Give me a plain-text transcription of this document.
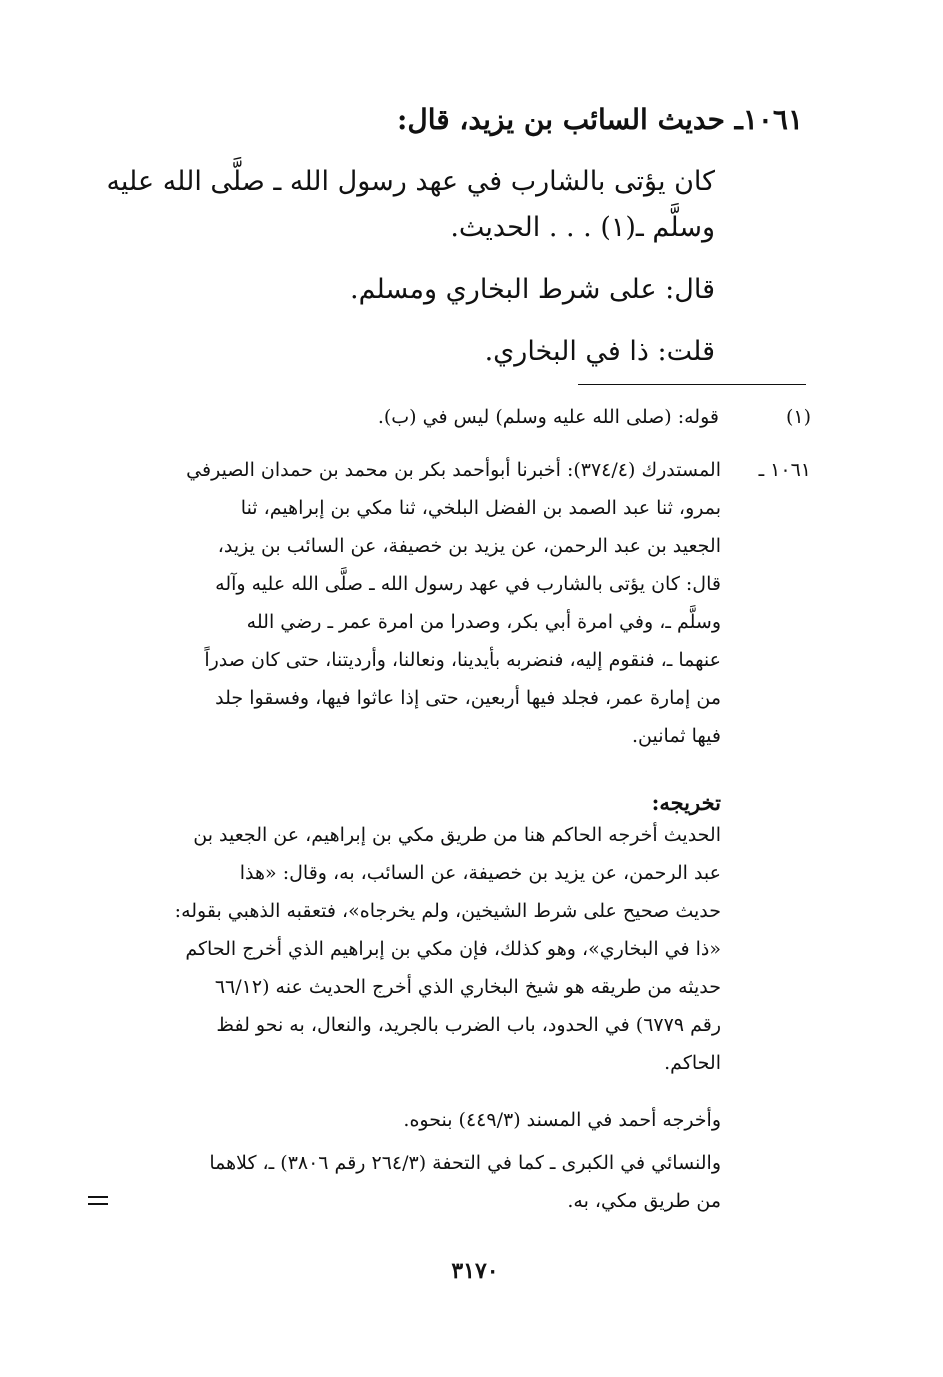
١٠٦١ـ حديث السائب بن يزيد، قال:
كان يؤتى بالشارب في عهد رسول الله ـ صلَّى الله عليه
وسلَّم ـ(١) . . . الحديث.
قال: على شرط البخاري ومسلم.
قلت: ذا في البخاري.
(١)
قوله: (صلى الله عليه وسلم) ليس في (ب).
١٠٦١ ـ
المستدرك (٣٧٤/٤): أخبرنا أبوأحمد بكر بن محمد بن حمدان الصيرفي
بمرو، ثنا عبد الصمد بن الفضل البلخي، ثنا مكي بن إبراهيم، ثنا
الجعيد بن عبد الرحمن، عن يزيد بن خصيفة، عن السائب بن يزيد،
قال: كان يؤتى بالشارب في عهد رسول الله ـ صلَّى الله عليه وآله
وسلَّم ـ، وفي امرة أبي بكر، وصدرا من امرة عمر ـ رضي الله
عنهما ـ، فنقوم إليه، فنضربه بأيدينا، ونعالنا، وأرديتنا، حتى كان صدراً
من إمارة عمر، فجلد فيها أربعين، حتى إذا عاثوا فيها، وفسقوا جلد
فيها ثمانين.
تخريجه:
الحديث أخرجه الحاكم هنا من طريق مكي بن إبراهيم، عن الجعيد بن
عبد الرحمن، عن يزيد بن خصيفة، عن السائب، به، وقال: «هذا
حديث صحيح على شرط الشيخين، ولم يخرجاه»، فتعقبه الذهبي بقوله:
«ذا في البخاري»، وهو كذلك، فإن مكي بن إبراهيم الذي أخرج الحاكم
حديثه من طريقه هو شيخ البخاري الذي أخرج الحديث عنه (٦٦/١٢
رقم ٦٧٧٩) في الحدود، باب الضرب بالجريد، والنعال، به نحو لفظ
الحاكم.
وأخرجه أحمد في المسند (٤٤٩/٣) بنحوه.
والنسائي في الكبرى ـ كما في التحفة (٢٦٤/٣ رقم ٣٨٠٦) ـ، كلاهما
من طريق مكي، به.
٣١٧٠
